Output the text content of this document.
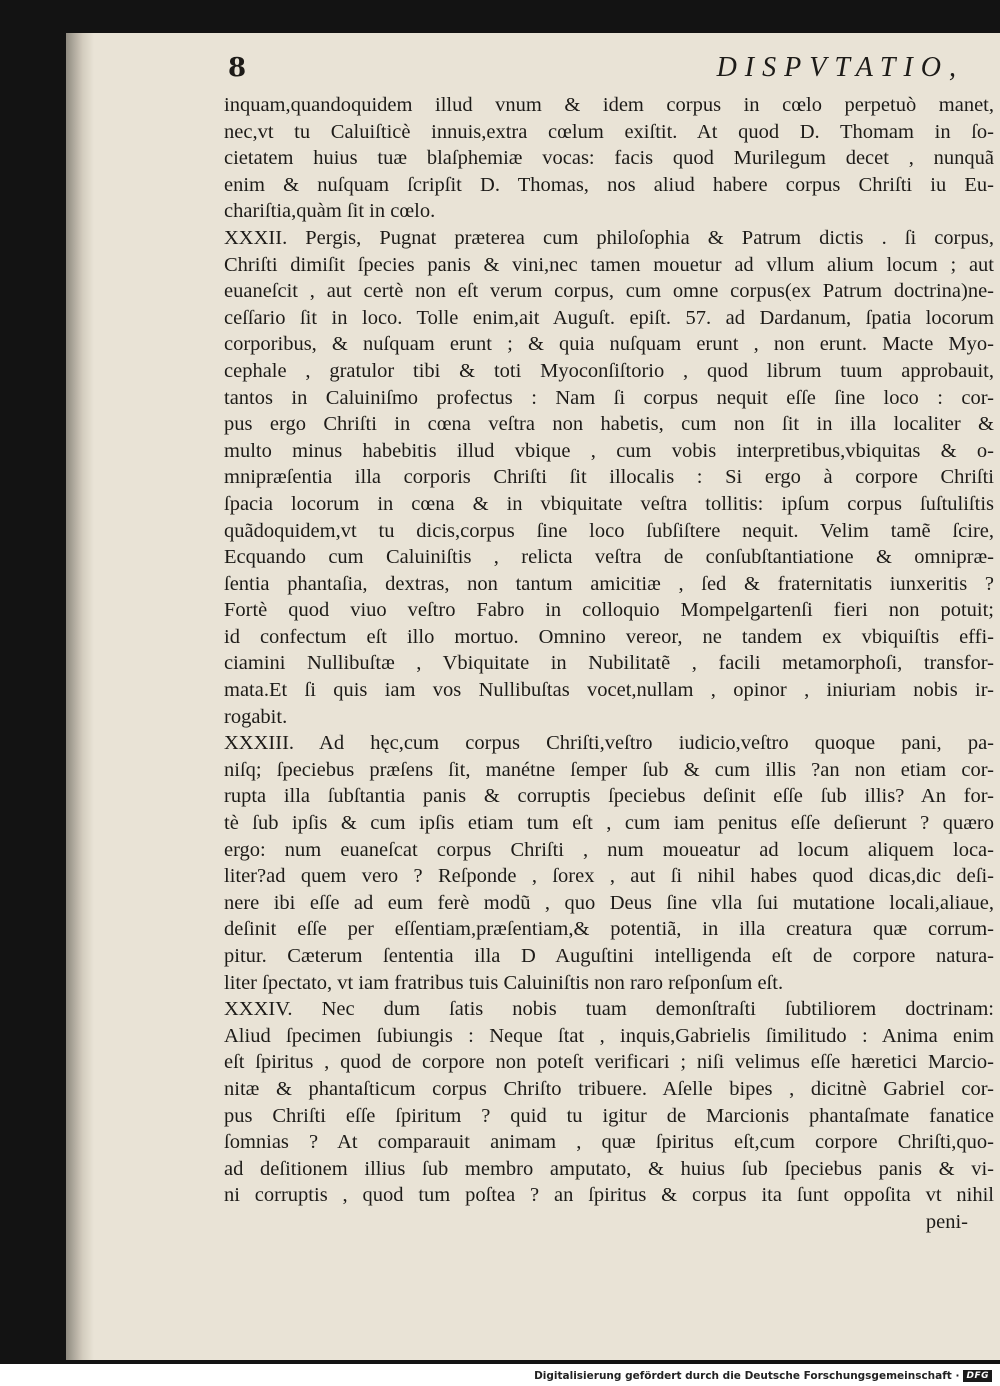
8	DISPVTATIO,
inquam,quandoquidem illud vnum & idem corpus in cœlo perpetuò manet,
nec,vt tu Caluiſticè innuis,extra cœlum exiſtit. At quod D. Thomam in ſo-
cietatem huius tuæ blaſphemiæ vocas: facis quod Murilegum decet , nunquã
enim & nuſquam ſcripſit D. Thomas, nos aliud habere corpus Chriſti iu Eu-
chariſtia,quàm ſit in cœlo.
XXXII. Pergis, Pugnat præterea cum philoſophia & Patrum dictis . ſi corpus,
Chriſti dimiſit ſpecies panis & vini,nec tamen mouetur ad vllum alium locum ; aut
euaneſcit , aut certè non eſt verum corpus, cum omne corpus(ex Patrum doctrina)ne-
ceſſario ſit in loco. Tolle enim,ait Auguſt. epiſt. 57. ad Dardanum, ſpatia locorum
corporibus, & nuſquam erunt ; & quia nuſquam erunt , non erunt. Macte Myo-
cephale , gratulor tibi & toti Myoconſiſtorio , quod librum tuum approbauit,
tantos in Caluiniſmo profectus : Nam ſi corpus nequit eſſe ſine loco : cor-
pus ergo Chriſti in cœna veſtra non habetis, cum non ſit in illa localiter &
multo minus habebitis illud vbique , cum vobis interpretibus,vbiquitas & o-
mnipræſentia illa corporis Chriſti ſit illocalis : Si ergo à corpore Chriſti
ſpacia locorum in cœna & in vbiquitate veſtra tollitis: ipſum corpus ſuſtuliſtis
quãdoquidem,vt tu dicis,corpus ſine loco ſubſiſtere nequit. Velim tamẽ ſcire,
Ecquando cum Caluiniſtis , relicta veſtra de conſubſtantiatione & omnipræ-
ſentia phantaſia, dextras, non tantum amicitiæ , ſed & fraternitatis iunxeritis ?
Fortè quod viuo veſtro Fabro in colloquio Mompelgartenſi fieri non potuit;
id confectum eſt illo mortuo. Omnino vereor, ne tandem ex vbiquiſtis effi-
ciamini Nullibuſtæ , Vbiquitate in Nubilitatẽ , facili metamorphoſi, transfor-
mata.Et ſi quis iam vos Nullibuſtas vocet,nullam , opinor , iniuriam nobis ir-
rogabit.
XXXIII. Ad hęc,cum corpus Chriſti,veſtro iudicio,veſtro quoque pani, pa-
niſq; ſpeciebus præſens ſit, manétne ſemper ſub & cum illis ?an non etiam cor-
rupta illa ſubſtantia panis & corruptis ſpeciebus deſinit eſſe ſub illis? An for-
tè ſub ipſis & cum ipſis etiam tum eſt , cum iam penitus eſſe deſierunt ? quæro
ergo: num euaneſcat corpus Chriſti , num moueatur ad locum aliquem loca-
liter?ad quem vero ? Reſponde , ſorex , aut ſi nihil habes quod dicas,dic deſi-
nere ibi eſſe ad eum ferè modũ , quo Deus ſine vlla ſui mutatione locali,aliaue,
deſinit eſſe per eſſentiam,præſentiam,& potentiã, in illa creatura quæ corrum-
pitur. Cæterum ſententia illa D Auguſtini intelligenda eſt de corpore natura-
liter ſpectato, vt iam fratribus tuis Caluiniſtis non raro reſponſum eſt.
XXXIV. Nec dum ſatis nobis tuam demonſtraſti ſubtiliorem doctrinam:
Aliud ſpecimen ſubiungis : Neque ſtat , inquis,Gabrielis ſimilitudo : Anima enim
eſt ſpiritus , quod de corpore non poteſt verificari ; niſi velimus eſſe hæretici Marcio-
nitæ & phantaſticum corpus Chriſto tribuere. Aſelle bipes , dicitnè Gabriel cor-
pus Chriſti eſſe ſpiritum ? quid tu igitur de Marcionis phantaſmate fanatice
ſomnias ? At comparauit animam , quæ ſpiritus eſt,cum corpore Chriſti,quo-
ad deſitionem illius ſub membro amputato, & huius ſub ſpeciebus panis & vi-
ni corruptis , quod tum poſtea ? an ſpiritus & corpus ita ſunt oppoſita vt nihil
peni-
Digitalisierung gefördert durch die Deutsche Forschungsgemeinschaft · DFG
